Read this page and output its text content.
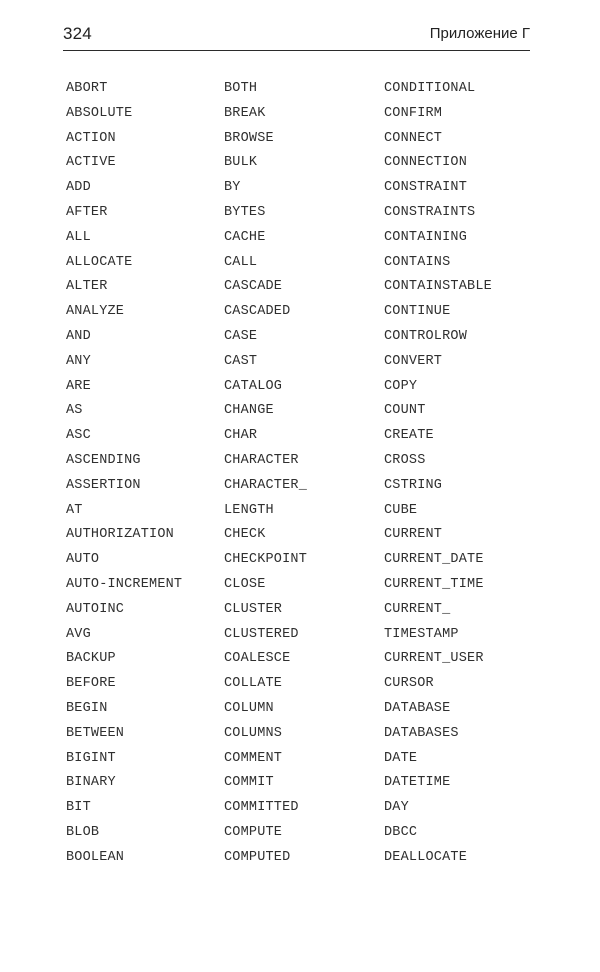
324	Приложение Г
ABORT
ABSOLUTE
ACTION
ACTIVE
ADD
AFTER
ALL
ALLOCATE
ALTER
ANALYZE
AND
ANY
ARE
AS
ASC
ASCENDING
ASSERTION
AT
AUTHORIZATION
AUTO
AUTO-INCREMENT
AUTOINC
AVG
BACKUP
BEFORE
BEGIN
BETWEEN
BIGINT
BINARY
BIT
BLOB
BOOLEAN
BOTH
BREAK
BROWSE
BULK
BY
BYTES
CACHE
CALL
CASCADE
CASCADED
CASE
CAST
CATALOG
CHANGE
CHAR
CHARACTER
CHARACTER_
LENGTH
CHECK
CHECKPOINT
CLOSE
CLUSTER
CLUSTERED
COALESCE
COLLATE
COLUMN
COLUMNS
COMMENT
COMMIT
COMMITTED
COMPUTE
COMPUTED
CONDITIONAL
CONFIRM
CONNECT
CONNECTION
CONSTRAINT
CONSTRAINTS
CONTAINING
CONTAINS
CONTAINSTABLE
CONTINUE
CONTROLROW
CONVERT
COPY
COUNT
CREATE
CROSS
CSTRING
CUBE
CURRENT
CURRENT_DATE
CURRENT_TIME
CURRENT_
TIMESTAMP
CURRENT_USER
CURSOR
DATABASE
DATABASES
DATE
DATETIME
DAY
DBCC
DEALLOCATE
